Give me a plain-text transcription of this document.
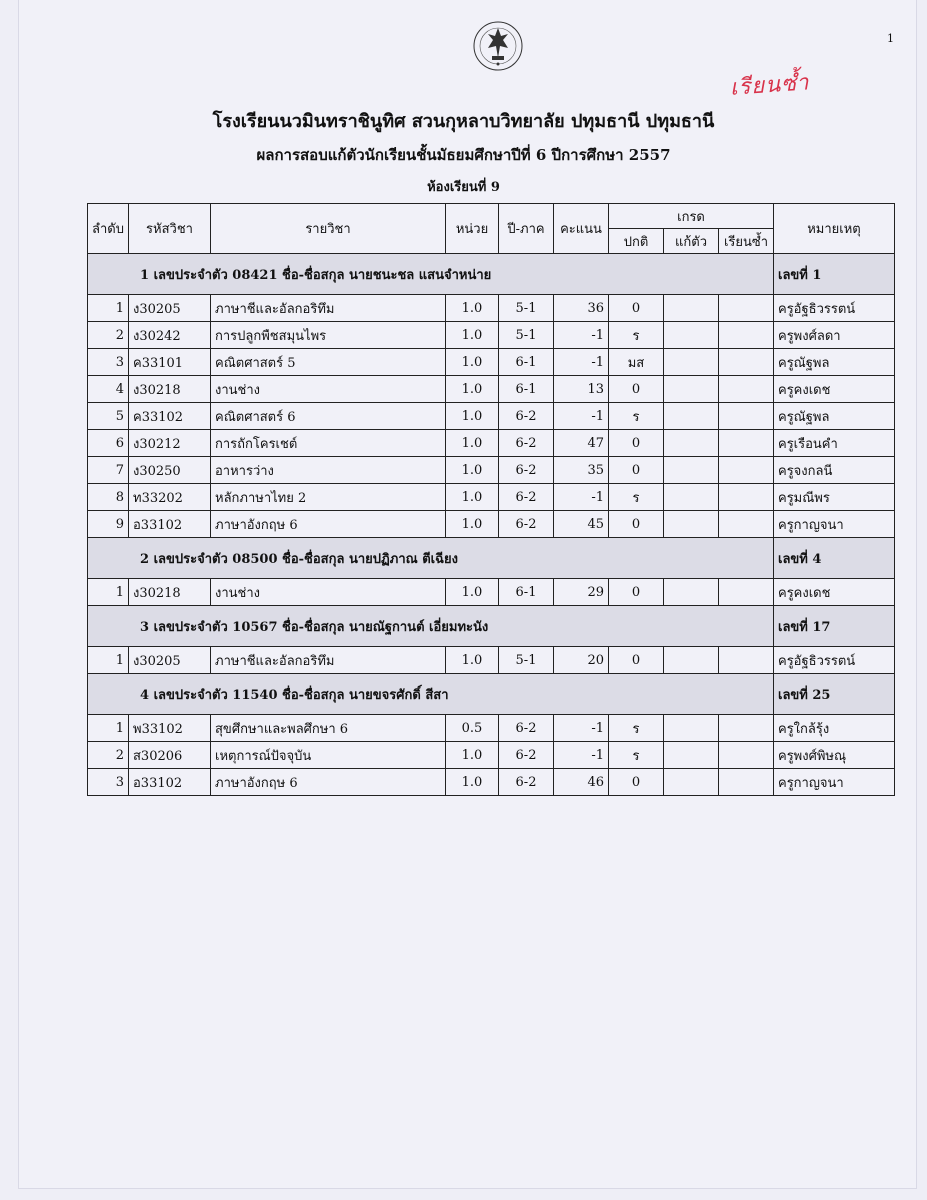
1
เรียนซ้ำ
โรงเรียนนวมินทราชินูทิศ สวนกุหลาบวิทยาลัย ปทุมธานี ปทุมธานี
ผลการสอบแก้ตัวนักเรียนชั้นมัธยมศึกษาปีที่ 6 ปีการศึกษา 2557
ห้องเรียนที่ 9
ลำดับ	รหัสวิชา	รายวิชา	หน่วย	ปี-ภาค	คะแนน	เกรด			หมายเหตุ
						ปกติ	แก้ตัว	เรียนซ้ำ	
1 เลขประจำตัว 08421 ชื่อ-ชื่อสกุล นายชนะชล แสนจำหน่าย									เลขที่ 1
1	ง30205	ภาษาชีและอัลกอริทึม	1.0	5-1	36	0			ครูอัฐธิวรรตน์
2	ง30242	การปลูกพืชสมุนไพร	1.0	5-1	-1	ร			ครูพงศ์ลดา
3	ค33101	คณิตศาสตร์ 5	1.0	6-1	-1	มส			ครูณัฐพล
4	ง30218	งานช่าง	1.0	6-1	13	0			ครูคงเดช
5	ค33102	คณิตศาสตร์ 6	1.0	6-2	-1	ร			ครูณัฐพล
6	ง30212	การถักโครเชต์	1.0	6-2	47	0			ครูเรือนคำ
7	ง30250	อาหารว่าง	1.0	6-2	35	0			ครูจงกลนี
8	ท33202	หลักภาษาไทย 2	1.0	6-2	-1	ร			ครูมณีพร
9	อ33102	ภาษาอังกฤษ 6	1.0	6-2	45	0			ครูกาญจนา
2 เลขประจำตัว 08500 ชื่อ-ชื่อสกุล นายปฏิภาณ ตีเฉียง									เลขที่ 4
1	ง30218	งานช่าง	1.0	6-1	29	0			ครูคงเดช
3 เลขประจำตัว 10567 ชื่อ-ชื่อสกุล นายณัฐกานต์ เอี่ยมทะนัง									เลขที่ 17
1	ง30205	ภาษาชีและอัลกอริทึม	1.0	5-1	20	0			ครูอัฐธิวรรตน์
4 เลขประจำตัว 11540 ชื่อ-ชื่อสกุล นายขจรศักดิ์ สีสา									เลขที่ 25
1	พ33102	สุขศึกษาและพลศึกษา 6	0.5	6-2	-1	ร			ครูใกล้รุ้ง
2	ส30206	เหตุการณ์ปัจจุบัน	1.0	6-2	-1	ร			ครูพงศ์พิษณุ
3	อ33102	ภาษาอังกฤษ 6	1.0	6-2	46	0			ครูกาญจนา
